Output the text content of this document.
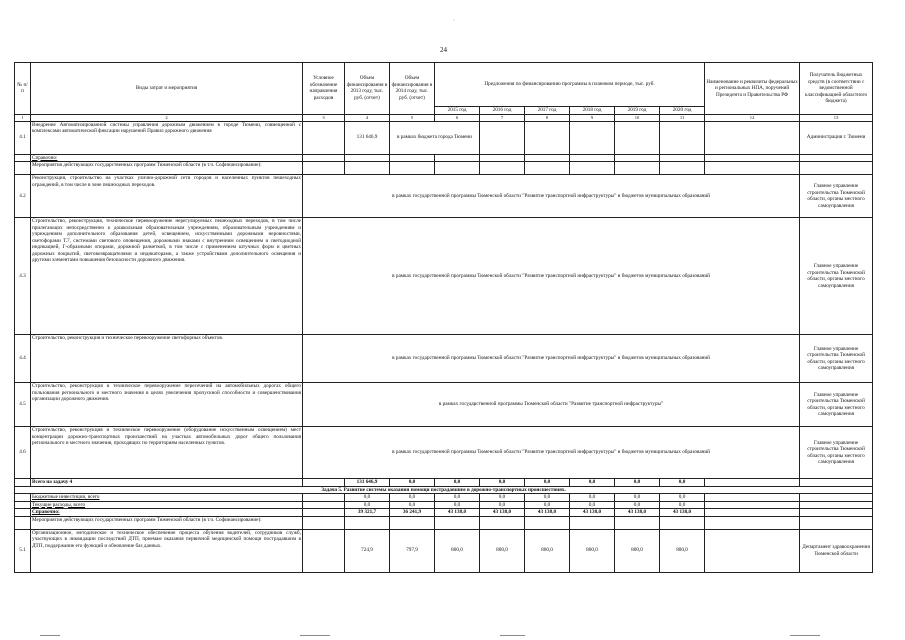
·
24
№ п/п	Виды затрат и мероприятия	Условное обозначение направления расходов	Объем финансирования в 2013 году, тыс. руб. (отчет)	Объем финансирования в 2014 году, тыс. руб. (отчет)	Предложения по финансированию программы в плановом периоде, тыс. руб.						Наименование и реквизиты федеральных и региональных НПА, поручений Президента и Правительства РФ	Получатель бюджетных средств (в соответствии с ведомственной классификацией областного бюджета)
					2015 год	2016 год	2017 год	2018 год	2019 год	2020 год		
1	2	3	4	5	6	7	8	9	10	11	12	13
4.1	Внедрение Автоматизированной системы управления дорожным движением в городе Тюмени, совмещенной с комплексами автоматической фиксации нарушений Правил дорожного движения		131 646,9	в рамках бюджета города Тюмени								Администрация г. Тюмени
	Справочно:											
	Мероприятия действующих государственных программ Тюменской области (в т.ч. Софинансирование):											
4.2	Реконструкция, строительство на участках улично-дорожной сети городов и населенных пунктов пешеходных ограждений, в том числе в зоне пешеходных переходов.	в рамках государственной программы Тюменской области "Развитие транспортной инфраструктуры" и бюджетов муниципальных образований										Главное управление строительства Тюменской области, органы местного самоуправления
4.3	Строительство, реконструкция, техническое перевооружение нерегулируемых пешеходных переходов, в том числе прилегающих непосредственно к дошкольным образовательным учреждениям, образовательным учреждениям и учреждениям дополнительного образования детей, освещением, искусственными дорожными неровностями, светофорами Т.7, системами светового оповещения, дорожными знаками с внутренним освещением и светодиодной индикацией, Г-образными опорами, дорожной разметкой, в том числе с применением штучных форм и цветных дорожных покрытий, световозвращателями и индикаторами, а также устройствами дополнительного освещения и другими элементами повышения безопасности дорожного движения.	в рамках государственной программы Тюменской области "Развитие транспортной инфраструктуры" и бюджетов муниципальных образований										Главное управление строительства Тюменской области, органы местного самоуправления
4.4	Строительство, реконструкция и техническое перевооружение светофорных объектов.	в рамках государственной программы Тюменской области "Развитие транспортной инфраструктуры" и бюджетов муниципальных образований										Главное управление строительства Тюменской области, органы местного самоуправления
4.5	Строительство, реконструкция и техническое перевооружение пересечений на автомобильных дорогах общего пользования регионального и местного значения в целях увеличения пропускной способности и совершенствования организации дорожного движения.	в рамках государственной программы Тюменской области "Развитие транспортной инфраструктуры"										Главное управление строительства Тюменской области, органы местного самоуправления
4.6	Строительство, реконструкция и техническое перевооружение (оборудование искусственным освещением) мест концентрации дорожно-транспортных происшествий на участках автомобильных дорог общего пользования регионального и местного значения, проходящих по территориям населенных пунктов.	в рамках государственной программы Тюменской области "Развитие транспортной инфраструктуры" и бюджетов муниципальных образований										Главное управление строительства Тюменской области, органы местного самоуправления
	Всего на задачу 4		131 646,9	0,0	0,0	0,0	0,0	0,0	0,0	0,0		
Задача 5. Развитие системы оказания помощи пострадавшим в дорожно-транспортных происшествиях.												
	Бюджетные инвестиции, всего		0,0	0,0	0,0	0,0	0,0	0,0	0,0	0,0		
	Текущие расходы, всего		0,0	0,0	0,0	0,0	0,0	0,0	0,0	0,0		
	Справочно:		39 321,7	36 241,9	43 138,0	43 138,0	43 138,0	43 138,0	43 138,0	43 138,0		
	Мероприятия действующих государственных программ Тюменской области (в т.ч. Софинансирование):											
5.1	Организационное, методическое и техническое обеспечение процесса обучения водителей, сотрудников служб, участвующих в ликвидации последствий ДТП, приемам оказания первичной медицинской помощи пострадавшим в ДТП, поддержание его функций и обновление баз данных.		724,9	797,9	800,0	800,0	800,0	800,0	800,0	800,0		Департамент здравоохранения Тюменской области
